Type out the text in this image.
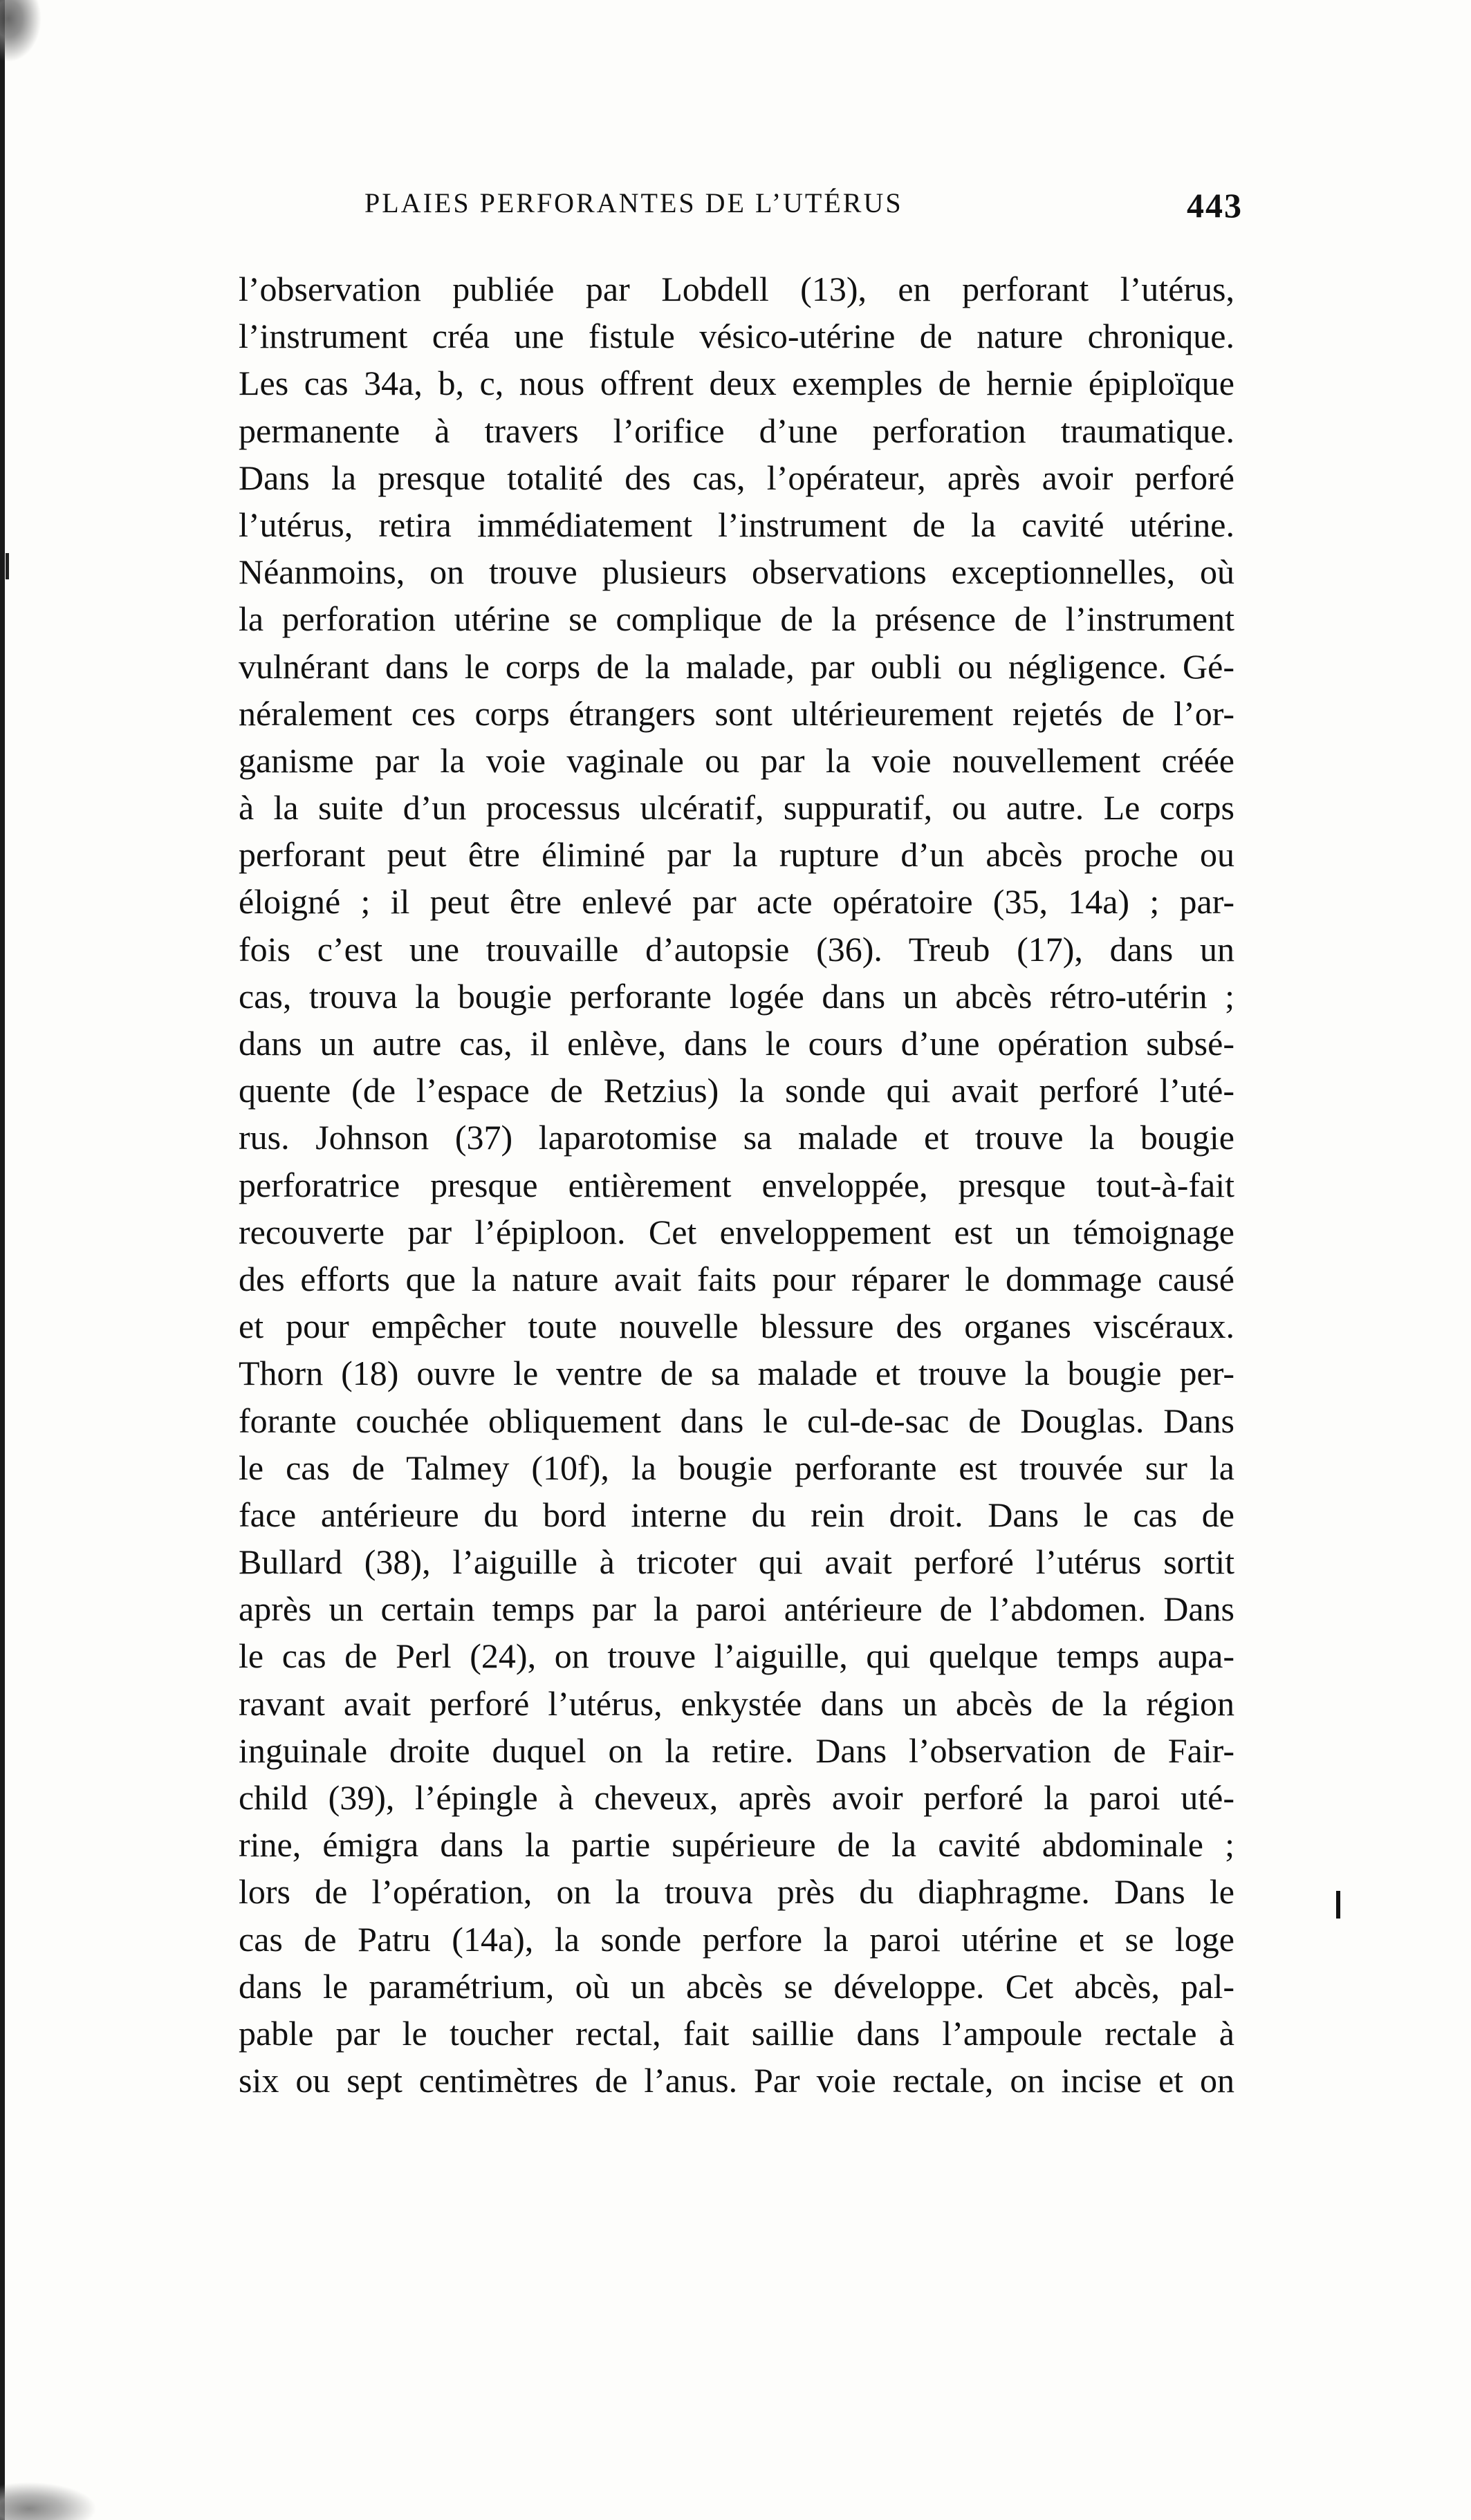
PLAIES PERFORANTES DE L’UTÉRUS	443
l’observation publiée par Lobdell (13), en perforant l’utérus,
l’instrument créa une fistule vésico-utérine de nature chronique.
Les cas 34a, b, c, nous offrent deux exemples de hernie épiploïque
permanente à travers l’orifice d’une perforation traumatique.
Dans la presque totalité des cas, l’opérateur, après avoir perforé
l’utérus, retira immédiatement l’instrument de la cavité utérine.
Néanmoins, on trouve plusieurs observations exceptionnelles, où
la perforation utérine se complique de la présence de l’instrument
vulnérant dans le corps de la malade, par oubli ou négligence. Gé-
néralement ces corps étrangers sont ultérieurement rejetés de l’or-
ganisme par la voie vaginale ou par la voie nouvellement créée
à la suite d’un processus ulcératif, suppuratif, ou autre. Le corps
perforant peut être éliminé par la rupture d’un abcès proche ou
éloigné ; il peut être enlevé par acte opératoire (35, 14a) ; par-
fois c’est une trouvaille d’autopsie (36). Treub (17), dans un
cas, trouva la bougie perforante logée dans un abcès rétro-utérin ;
dans un autre cas, il enlève, dans le cours d’une opération subsé-
quente (de l’espace de Retzius) la sonde qui avait perforé l’uté-
rus. Johnson (37) laparotomise sa malade et trouve la bougie
perforatrice presque entièrement enveloppée, presque tout-à-fait
recouverte par l’épiploon. Cet enveloppement est un témoignage
des efforts que la nature avait faits pour réparer le dommage causé
et pour empêcher toute nouvelle blessure des organes viscéraux.
Thorn (18) ouvre le ventre de sa malade et trouve la bougie per-
forante couchée obliquement dans le cul-de-sac de Douglas. Dans
le cas de Talmey (10f), la bougie perforante est trouvée sur la
face antérieure du bord interne du rein droit. Dans le cas de
Bullard (38), l’aiguille à tricoter qui avait perforé l’utérus sortit
après un certain temps par la paroi antérieure de l’abdomen. Dans
le cas de Perl (24), on trouve l’aiguille, qui quelque temps aupa-
ravant avait perforé l’utérus, enkystée dans un abcès de la région
inguinale droite duquel on la retire. Dans l’observation de Fair-
child (39), l’épingle à cheveux, après avoir perforé la paroi uté-
rine, émigra dans la partie supérieure de la cavité abdominale ;
lors de l’opération, on la trouva près du diaphragme. Dans le
cas de Patru (14a), la sonde perfore la paroi utérine et se loge
dans le paramétrium, où un abcès se développe. Cet abcès, pal-
pable par le toucher rectal, fait saillie dans l’ampoule rectale à
six ou sept centimètres de l’anus. Par voie rectale, on incise et on
